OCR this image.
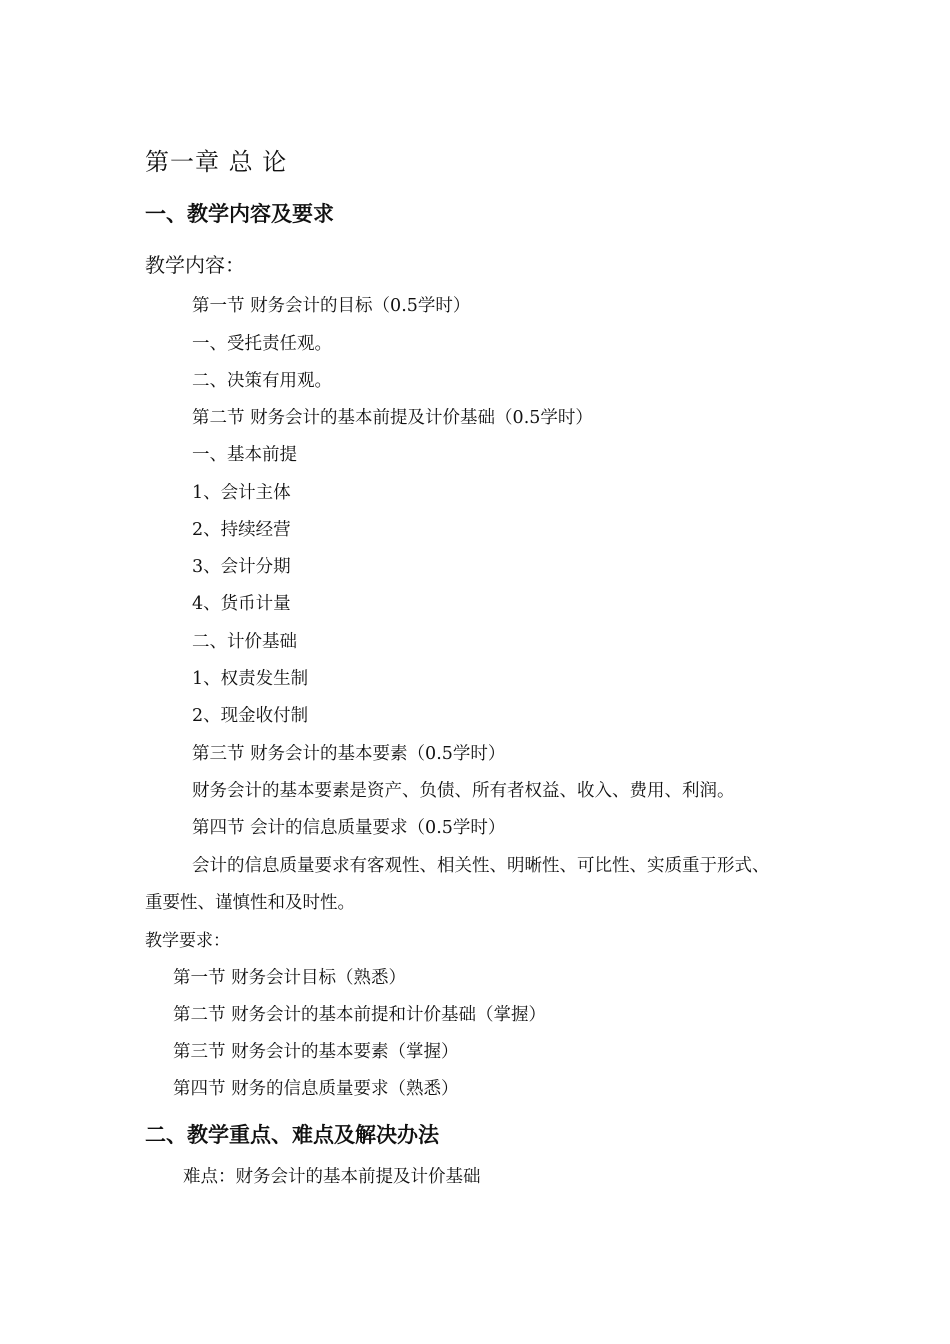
第一章 总 论
一、教学内容及要求
教学内容：
第一节 财务会计的目标（0.5学时）
一、受托责任观。
二、决策有用观。
第二节 财务会计的基本前提及计价基础（0.5学时）
一、基本前提
1、会计主体
2、持续经营
3、会计分期
4、货币计量
二、计价基础
1、权责发生制
2、现金收付制
第三节 财务会计的基本要素（0.5学时）
财务会计的基本要素是资产、负债、所有者权益、收入、费用、利润。
第四节 会计的信息质量要求（0.5学时）
会计的信息质量要求有客观性、相关性、明晰性、可比性、实质重于形式、
重要性、谨慎性和及时性。
教学要求：
第一节 财务会计目标（熟悉）
第二节 财务会计的基本前提和计价基础（掌握）
第三节 财务会计的基本要素（掌握）
第四节 财务的信息质量要求（熟悉）
二、教学重点、难点及解决办法
难点：财务会计的基本前提及计价基础
